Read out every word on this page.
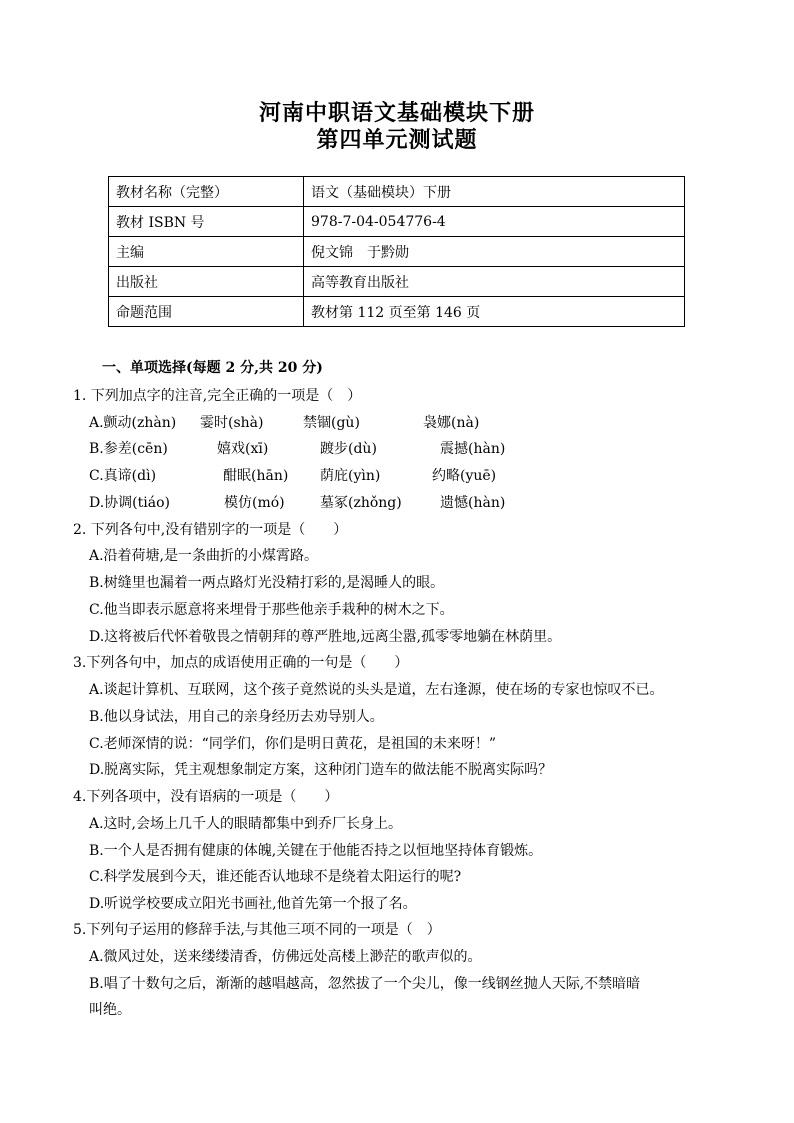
河南中职语文基础模块下册
第四单元测试题
教材名称（完整）	语文（基础模块）下册
教材 ISBN 号	978-7-04-054776-4
主编	倪文锦　于黔勋
出版社	高等教育出版社
命题范围	教材第 112 页至第 146 页
一、单项选择(每题 2 分,共 20 分)
1. 下列加点字的注音,完全正确的一项是（　）
A.颤动(zhàn) 霎时(shà)	禁锢(gù)	袅娜(nà)
B.参差(cēn)	嬉戏(xī)	踱步(dù)	震撼(hàn)
C.真谛(dì)	酣眠(hān) 荫庇(yìn)	约略(yuē)
D.协调(tiáo)	模仿(mó)	墓冢(zhǒng)	遗憾(hàn)
2. 下列各句中,没有错别字的一项是（　　）
A.沿着荷塘,是一条曲折的小煤霄路。
B.树缝里也漏着一两点路灯光没精打彩的,是渴睡人的眼。
C.他当即表示愿意将来埋骨于那些他亲手栽种的树木之下。
D.这将被后代怀着敬畏之情朝拜的尊严胜地,远离尘嚣,孤零零地躺在林荫里。
3.下列各句中，加点的成语使用正确的一句是（　　）
A.谈起计算机、互联网，这个孩子竟然说的头头是道，左右逢源，使在场的专家也惊叹不已。
B.他以身试法，用自己的亲身经历去劝导别人。
C.老师深情的说：“同学们，你们是明日黄花，是祖国的未来呀！”
D.脱离实际，凭主观想象制定方案，这种闭门造车的做法能不脱离实际吗？
4.下列各项中，没有语病的一项是（　　）
A.这时,会场上几千人的眼睛都集中到乔厂长身上。
B.一个人是否拥有健康的体魄,关键在于他能否持之以恒地坚持体育锻炼。
C.科学发展到今天，谁还能否认地球不是绕着太阳运行的呢?
D.听说学校要成立阳光书画社,他首先第一个报了名。
5.下列句子运用的修辞手法,与其他三项不同的一项是（　）
A.微风过处，送来缕缕清香，仿佛远处高楼上渺茫的歌声似的。
B.唱了十数句之后，渐渐的越唱越高，忽然拔了一个尖儿，像一线钢丝抛人天际,不禁暗暗
叫绝。
